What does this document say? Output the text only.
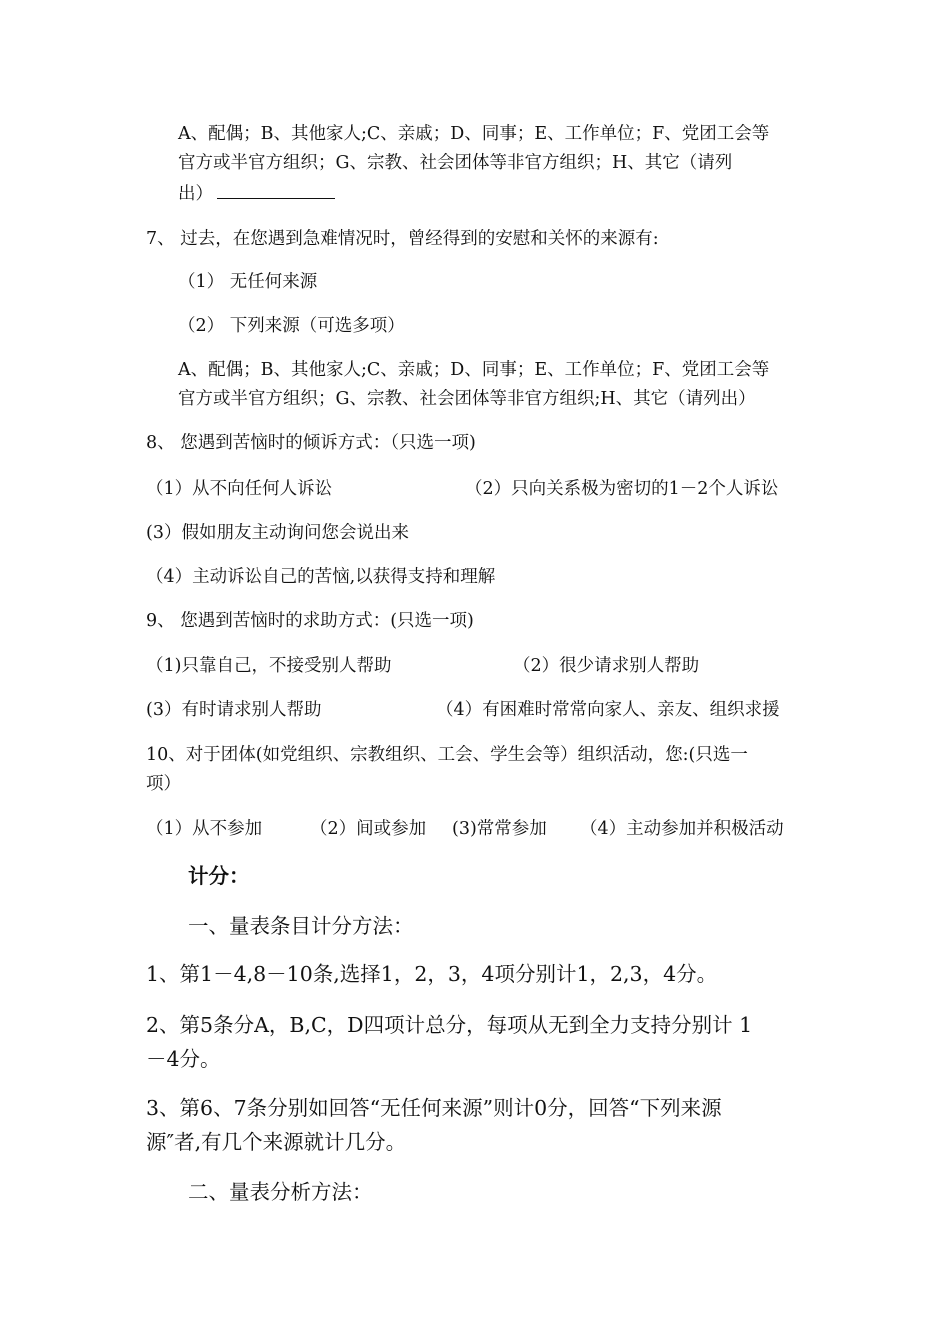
A、配偶；B、其他家人;C、亲戚；D、同事；E、工作单位；F、党团工会等
官方或半官方组织；G、宗教、社会团体等非官方组织；H、其它（请列
出）
7、 过去，在您遇到急难情况时，曾经得到的安慰和关怀的来源有:
（1） 无任何来源
（2） 下列来源（可选多项）
A、配偶；B、其他家人;C、亲戚；D、同事；E、工作单位；F、党团工会等
官方或半官方组织；G、宗教、社会团体等非官方组织;H、其它（请列出）
8、 您遇到苦恼时的倾诉方式：（只选一项)
（1）从不向任何人诉讼	（2）只向关系极为密切的1－2个人诉讼
(3）假如朋友主动询问您会说出来
（4）主动诉讼自己的苦恼,以获得支持和理解
9、 您遇到苦恼时的求助方式：(只选一项)
（1)只靠自己，不接受别人帮助	（2）很少请求别人帮助
(3）有时请求别人帮助	（4）有困难时常常向家人、亲友、组织求援
10、对于团体(如党组织、宗教组织、工会、学生会等）组织活动，您:(只选一
项）
（1）从不参加	（2）间或参加 (3)常常参加 （4）主动参加并积极活动
计分：
一、量表条目计分方法：
1、第1－4,8－10条,选择1，2，3，4项分别计1，2,3，4分。
2、第5条分A，B,C，D四项计总分，每项从无到全力支持分别计 1
－4分。
3、第6、7条分别如回答“无任何来源”则计0分，回答“下列来源
源″者,有几个来源就计几分。
二、量表分析方法：
